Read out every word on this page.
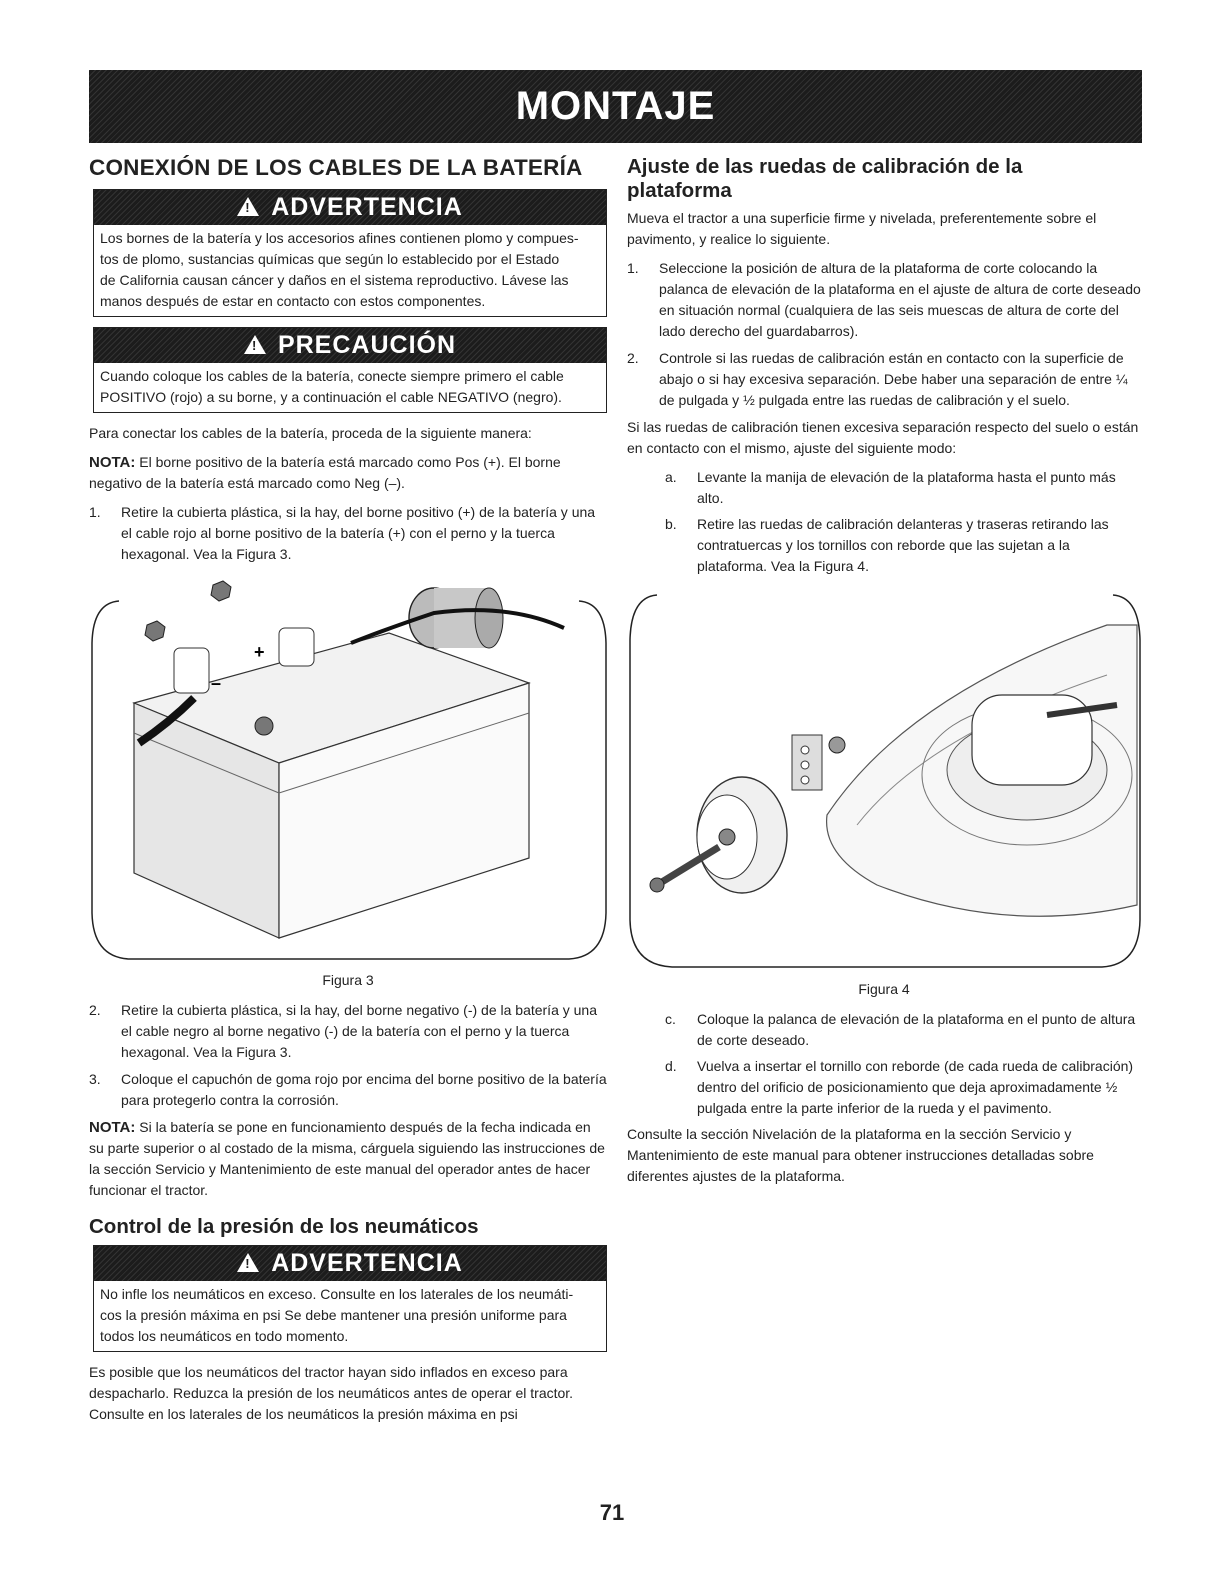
MONTAJE
CONEXIÓN DE LOS CABLES DE LA BATERÍA
!
ADVERTENCIA
Los bornes de la batería y los accesorios afines contienen plomo y compues-
tos de plomo, sustancias químicas que según lo establecido por el Estado
de California causan cáncer y daños en el sistema reproductivo. Lávese las
manos después de estar en contacto con estos componentes.
!
PRECAUCIÓN
Cuando coloque los cables de la batería, conecte siempre primero el cable
POSITIVO (rojo) a su borne, y a continuación el cable NEGATIVO (negro).

Para conectar los cables de la batería, proceda de la siguiente manera:

NOTA: El borne positivo de la batería está marcado como Pos (+). El borne negativo de la batería está marcado como Neg (–).

1.	Retire la cubierta plástica, si la hay, del borne positivo (+) de la batería y una el cable rojo al borne positivo de la batería (+) con el perno y la tuerca hexagonal. Vea la Figura 3.
+
–
Figura 3
2.	Retire la cubierta plástica, si la hay, del borne negativo (-) de la batería y una el cable negro al borne negativo (-) de la batería con el perno y la tuerca hexagonal. Vea la Figura 3.
3.	Coloque el capuchón de goma rojo por encima del borne positivo de la batería para protegerlo contra la corrosión.

NOTA: Si la batería se pone en funcionamiento después de la fecha indicada en su parte superior o al costado de la misma, cárguela siguiendo las instrucciones de la sección Servicio y Mantenimiento de este manual del operador antes de hacer funcionar el tractor.

Control de la presión de los neumáticos
!
ADVERTENCIA
No infle los neumáticos en exceso. Consulte en los laterales de los neumáti-
cos la presión máxima en psi Se debe mantener una presión uniforme para
todos los neumáticos en todo momento.

Es posible que los neumáticos del tractor hayan sido inflados en exceso para despacharlo. Reduzca la presión de los neumáticos antes de operar el tractor. Consulte en los laterales de los neumáticos la presión máxima en psi

Ajuste de las ruedas de calibración de la plataforma

Mueva el tractor a una superficie firme y nivelada, preferentemente sobre el pavimento, y realice lo siguiente.

1.	Seleccione la posición de altura de la plataforma de corte colocando la palanca de elevación de la plataforma en el ajuste de altura de corte deseado en situación normal (cualquiera de las seis muescas de altura de corte del lado derecho del guardabarros).
2.	Controle si las ruedas de calibración están en contacto con la superficie de abajo o si hay excesiva separación. Debe haber una separación de entre ¼ de pulgada y ½ pulgada entre las ruedas de calibración y el suelo.

Si las ruedas de calibración tienen excesiva separación respecto del suelo o están en contacto con el mismo, ajuste del siguiente modo:

a.	Levante la manija de elevación de la plataforma hasta el punto más alto.
b.	Retire las ruedas de calibración delanteras y traseras retirando las contratuercas y los tornillos con reborde que las sujetan a la plataforma. Vea la Figura 4.
Figura 4
c.	Coloque la palanca de elevación de la plataforma en el punto de altura de corte deseado.
d.	Vuelva a insertar el tornillo con reborde (de cada rueda de calibración) dentro del orificio de posicionamiento que deja aproximadamente ½ pulgada entre la parte inferior de la rueda y el pavimento.

Consulte la sección Nivelación de la plataforma en la sección Servicio y Mantenimiento de este manual para obtener instrucciones detalladas sobre diferentes ajustes de la plataforma.

71
